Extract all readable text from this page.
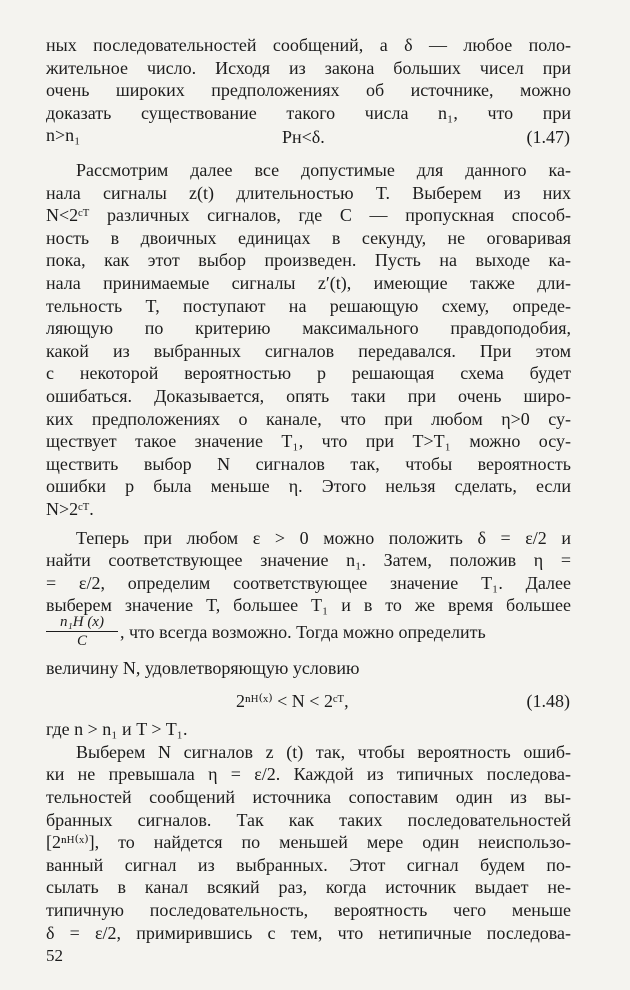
ных последовательностей сообщений, а δ — любое поло-
жительное число. Исходя из закона больших чисел при
очень широких предположениях об источнике, можно
доказать существование такого числа n₁, что при
n>n₁	Pн<δ.	(1.47)
Рассмотрим далее все допустимые для данного ка-
нала сигналы z(t) длительностью T. Выберем из них
N<2ᶜᵀ различных сигналов, где C — пропускная способ-
ность в двоичных единицах в секунду, не оговаривая
пока, как этот выбор произведен. Пусть на выходе ка-
нала принимаемые сигналы z′(t), имеющие также дли-
тельность T, поступают на решающую схему, опреде-
ляющую по критерию максимального правдоподобия,
какой из выбранных сигналов передавался. При этом
с некоторой вероятностью p решающая схема будет
ошибаться. Доказывается, опять таки при очень широ-
ких предположениях о канале, что при любом η>0 су-
ществует такое значение T₁, что при T>T₁ можно осу-
ществить выбор N сигналов так, чтобы вероятность
ошибки p была меньше η. Этого нельзя сделать, если
N>2ᶜᵀ.
Теперь при любом ε > 0 можно положить δ = ε/2 и
найти соответствующее значение n₁. Затем, положив η =
= ε/2, определим соответствующее значение T₁. Далее
выберем значение T, большее T₁ и в то же время большее
$\frac{\text{n₁H (x)}}{C}$ , что всегда возможно. Тогда можно определить
величину N, удовлетворяющую условию
2ⁿᴴ⁽ˣ⁾ < N < 2ᶜᵀ,	(1.48)
где n > n₁ и T > T₁.
Выберем N сигналов z (t) так, чтобы вероятность ошиб-
ки не превышала η = ε/2. Каждой из типичных последова-
тельностей сообщений источника сопоставим один из вы-
бранных сигналов. Так как таких последовательностей
[2ⁿᴴ⁽ˣ⁾], то найдется по меньшей мере один неиспользо-
ванный сигнал из выбранных. Этот сигнал будем по-
сылать в канал всякий раз, когда источник выдает не-
типичную последовательность, вероятность чего меньше
δ = ε/2, примирившись с тем, что нетипичные последова-
52
